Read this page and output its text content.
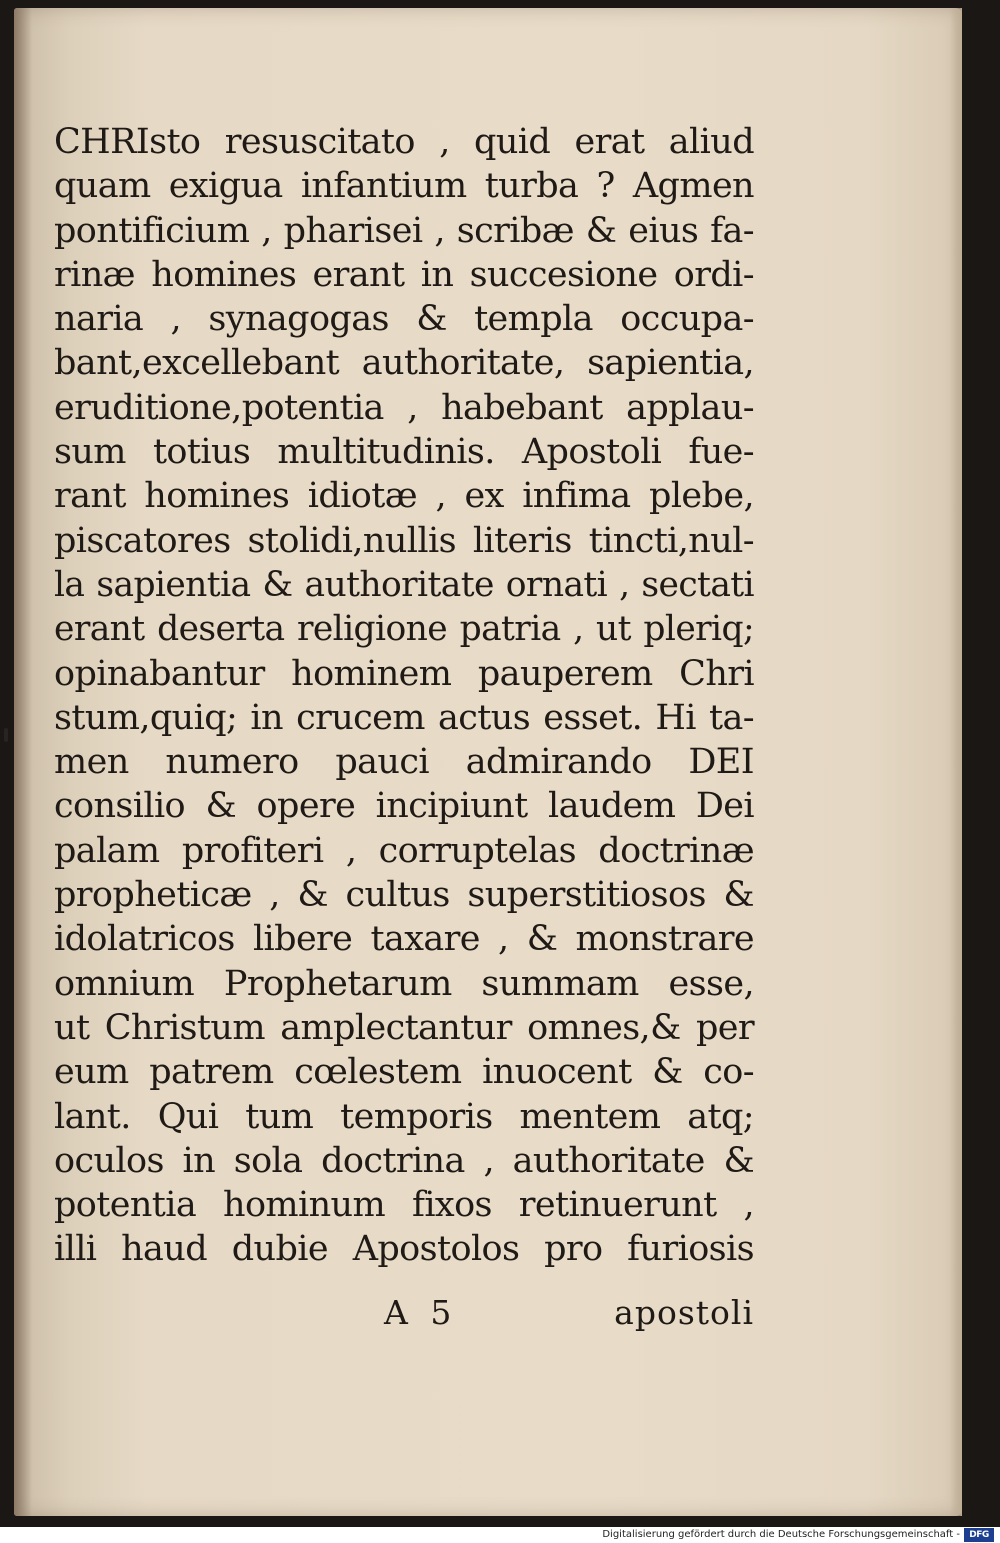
CHRIsto resuscitato , quid erat aliud
quam exigua infantium turba ? Agmen
pontificium , pharisei , scribæ & eius fa-
rinæ homines erant in succesione ordi-
naria , synagogas & templa occupa-
bant,excellebant authoritate, sapientia,
eruditione,potentia , habebant applau-
sum totius multitudinis. Apostoli fue-
rant homines idiotæ , ex infima plebe,
piscatores stolidi,nullis literis tincti,nul-
la sapientia & authoritate ornati , sectati
erant deserta religione patria , ut pleriq;
opinabantur hominem pauperem Chri
stum,quiq; in crucem actus esset. Hi ta-
men numero pauci admirando DEI
consilio & opere incipiunt laudem Dei
palam profiteri , corruptelas doctrinæ
propheticæ , & cultus superstitiosos &
idolatricos libere taxare , & monstrare
omnium Prophetarum summam esse,
ut Christum amplectantur omnes,& per
eum patrem cœlestem inuocent & co-
lant. Qui tum temporis mentem atq;
oculos in sola doctrina , authoritate &
potentia hominum fixos retinuerunt ,
illi haud dubie Apostolos pro furiosis
A 5	apostoli
Digitalisierung gefördert durch die Deutsche Forschungsgemeinschaft -	DFG
